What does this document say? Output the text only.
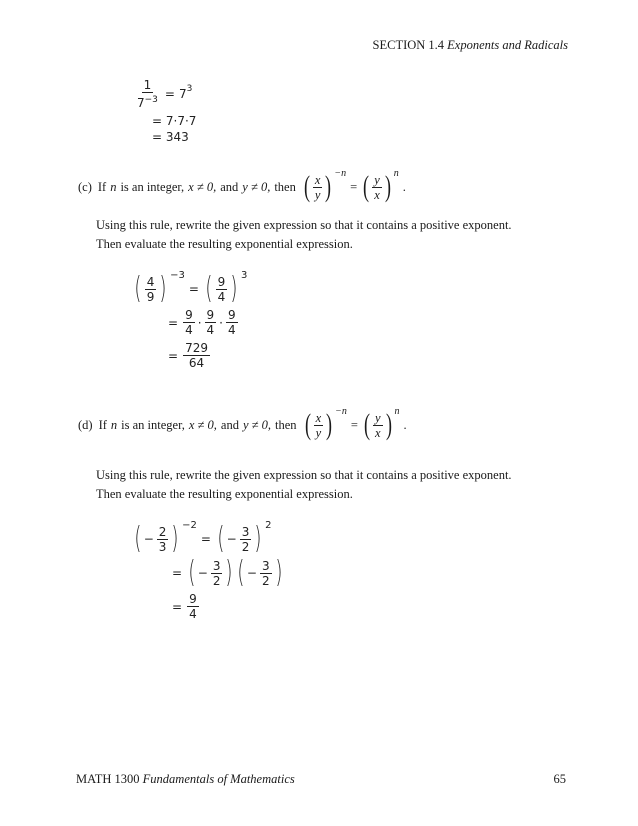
SECTION 1.4 Exponents and Radicals
$\frac{1}{7^{-3}} = 7^3$
= 7·7·7
= 343
(c) If n is an integer, x ≠ 0, and y ≠ 0, then ( $\frac{x}{y}$ ) −n
= ( $\frac{y}{x}$ ) n
.
Using this rule, rewrite the given expression so that it contains a positive exponent.
Then evaluate the resulting exponential expression.
( $\frac{4}{9}$ ) −3
= ( $\frac{9}{4}$ ) 3
= $\frac{9}{4} \cdot \frac{9}{4} \cdot \frac{9}{4}$
= $\frac{729}{64}$
(d) If n is an integer, x ≠ 0, and y ≠ 0, then ( $\frac{x}{y}$ ) −n
= ( $\frac{y}{x}$ ) n
.
Using this rule, rewrite the given expression so that it contains a positive exponent.
Then evaluate the resulting exponential expression.
( − $\frac{2}{3}$ ) −2
= ( − $\frac{3}{2}$ ) 2
= ( − $\frac{3}{2}$ ) ( − $\frac{3}{2}$ )
= $\frac{9}{4}$
MATH 1300 Fundamentals of Mathematics	65
